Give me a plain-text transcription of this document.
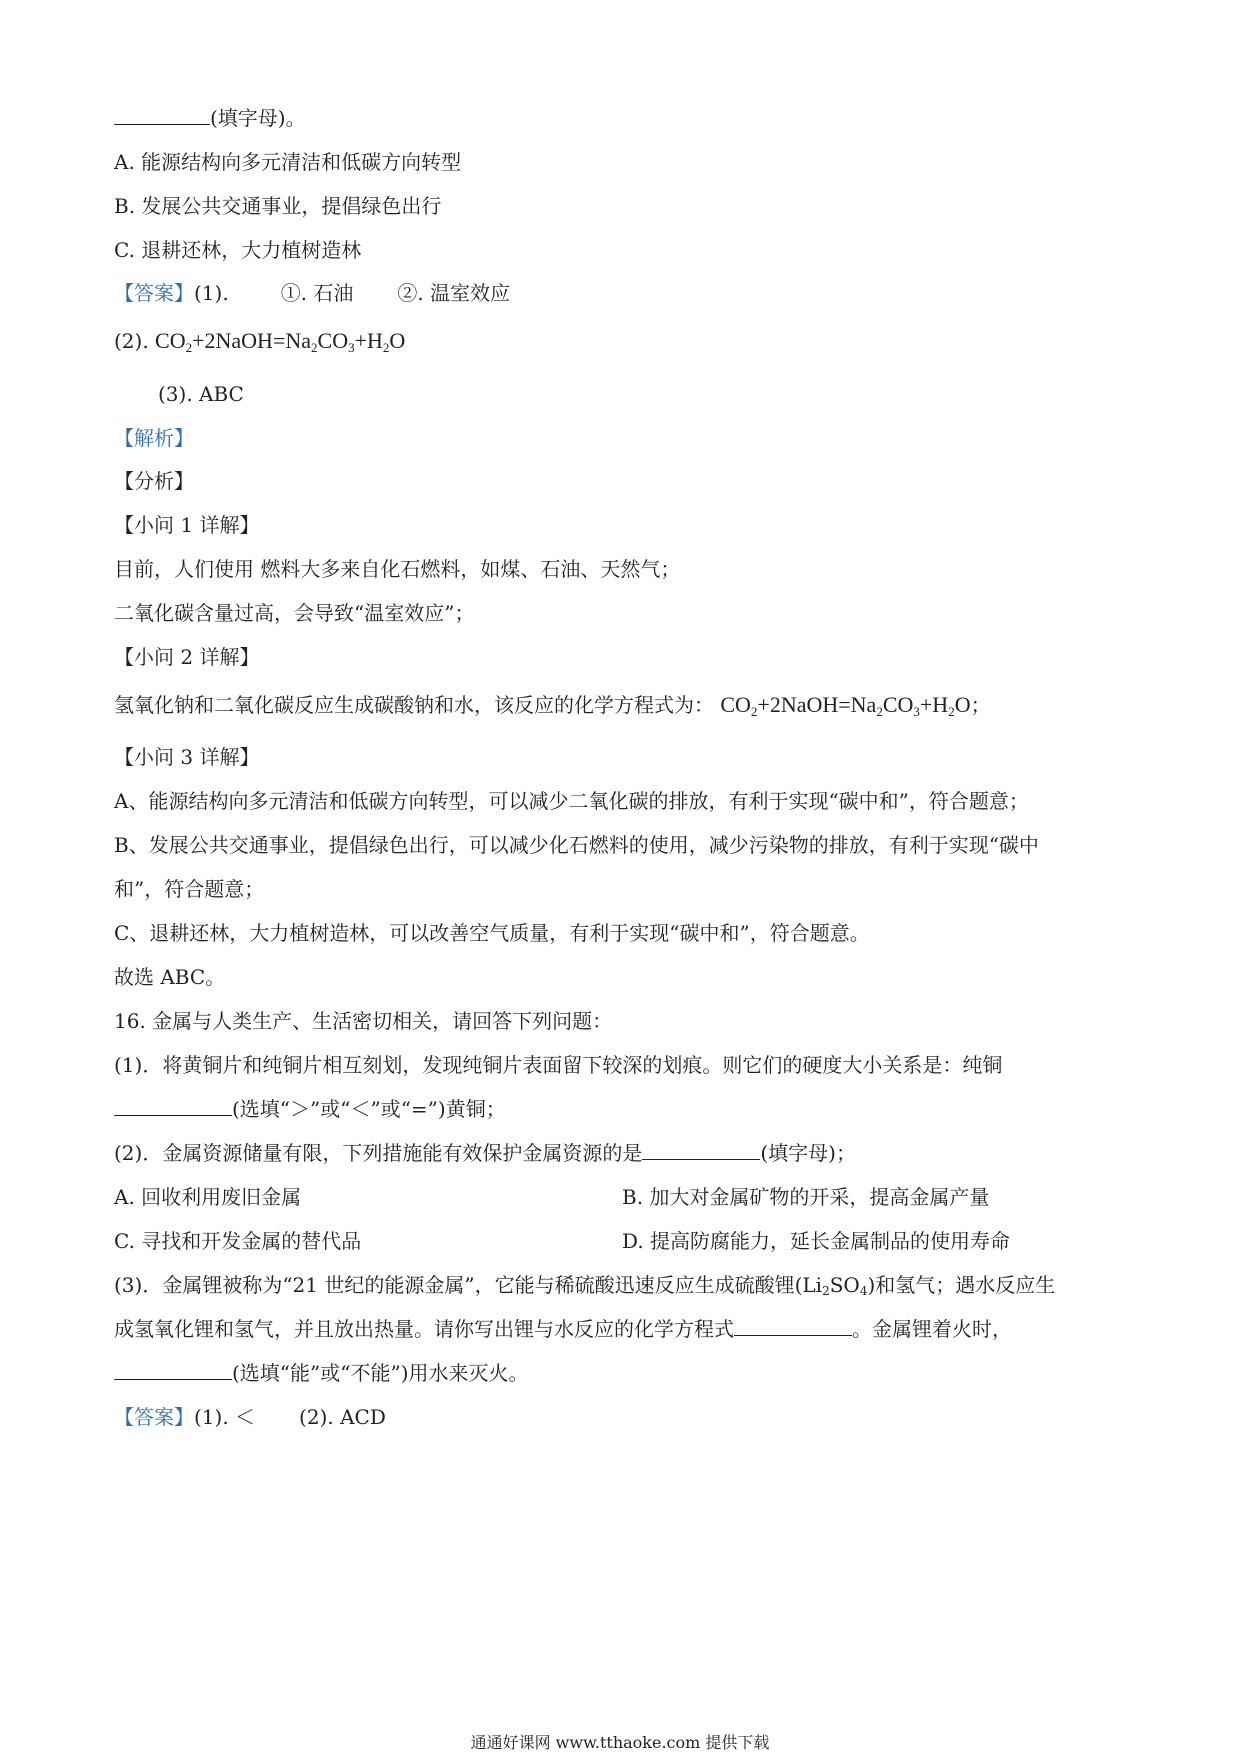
(填字母)。
A. 能源结构向多元清洁和低碳方向转型
B. 发展公共交通事业，提倡绿色出行
C. 退耕还林，大力植树造林
【答案】(1).	①. 石油 ②. 温室效应
(2). $CO_2+2NaOH=Na_2CO_3+H_2O$
(3). ABC
【解析】
【分析】
【小问 1 详解】
目前，人们使用 燃料大多来自化石燃料，如煤、石油、天然气；
二氧化碳含量过高，会导致“温室效应”；
【小问 2 详解】
氢氧化钠和二氧化碳反应生成碳酸钠和水，该反应的化学方程式为： $CO_2+2NaOH=Na_2CO_3+H_2O$；
【小问 3 详解】
A、能源结构向多元清洁和低碳方向转型，可以减少二氧化碳的排放，有利于实现“碳中和”，符合题意；
B、发展公共交通事业，提倡绿色出行，可以减少化石燃料的使用，减少污染物的排放，有利于实现“碳中
和”，符合题意；
C、退耕还林，大力植树造林，可以改善空气质量，有利于实现“碳中和”，符合题意。
故选 ABC。
16. 金属与人类生产、生活密切相关，请回答下列问题：
(1)．将黄铜片和纯铜片相互刻划，发现纯铜片表面留下较深的划痕。则它们的硬度大小关系是：纯铜
(选填“＞”或“＜”或“=”)黄铜；
(2)．金属资源储量有限，下列措施能有效保护金属资源的是	(填字母)；
A. 回收利用废旧金属	B. 加大对金属矿物的开采，提高金属产量
C. 寻找和开发金属的替代品	D. 提高防腐能力，延长金属制品的使用寿命
(3)．金属锂被称为“21 世纪的能源金属”，它能与稀硫酸迅速反应生成硫酸锂$(Li_2SO_4)$和氢气；遇水反应生
成氢氧化锂和氢气，并且放出热量。请你写出锂与水反应的化学方程式	。金属锂着火时，
(选填“能”或“不能”)用水来灭火。
【答案】(1). ＜ (2). ACD
通通好课网 www.tthaoke.com 提供下载
